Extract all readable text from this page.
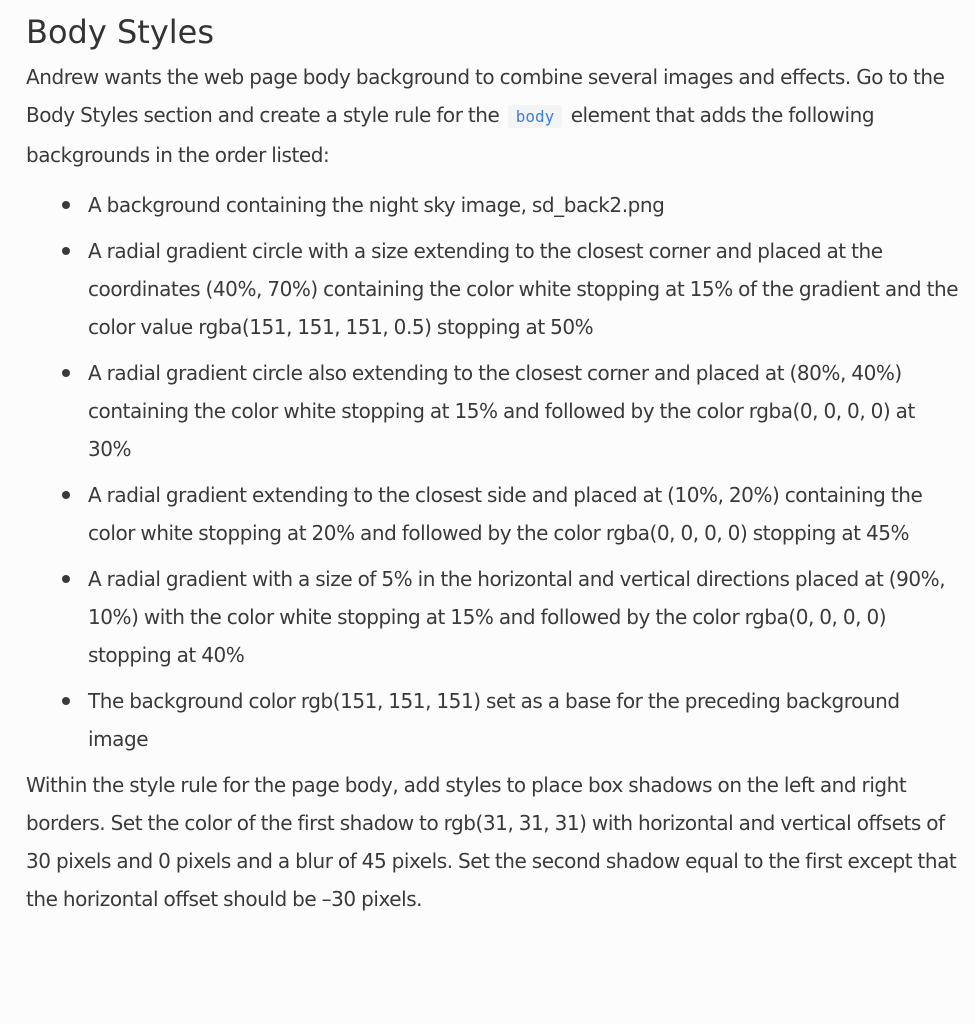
Body Styles

Andrew wants the web page body background to combine several images and effects. Go to the Body Styles section and create a style rule for the body element that adds the following backgrounds in the order listed:

A background containing the night sky image, sd_back2.png
A radial gradient circle with a size extending to the closest corner and placed at the coordinates (40%, 70%) containing the color white stopping at 15% of the gradient and the color value rgba(151, 151, 151, 0.5) stopping at 50%
A radial gradient circle also extending to the closest corner and placed at (80%, 40%) containing the color white stopping at 15% and followed by the color rgba(0, 0, 0, 0) at 30%
A radial gradient extending to the closest side and placed at (10%, 20%) containing the color white stopping at 20% and followed by the color rgba(0, 0, 0, 0) stopping at 45%
A radial gradient with a size of 5% in the horizontal and vertical directions placed at (90%, 10%) with the color white stopping at 15% and followed by the color rgba(0, 0, 0, 0) stopping at 40%
The background color rgb(151, 151, 151) set as a base for the preceding background image

Within the style rule for the page body, add styles to place box shadows on the left and right borders. Set the color of the first shadow to rgb(31, 31, 31) with horizontal and vertical offsets of 30 pixels and 0 pixels and a blur of 45 pixels. Set the second shadow equal to the first except that the horizontal offset should be –30 pixels.
